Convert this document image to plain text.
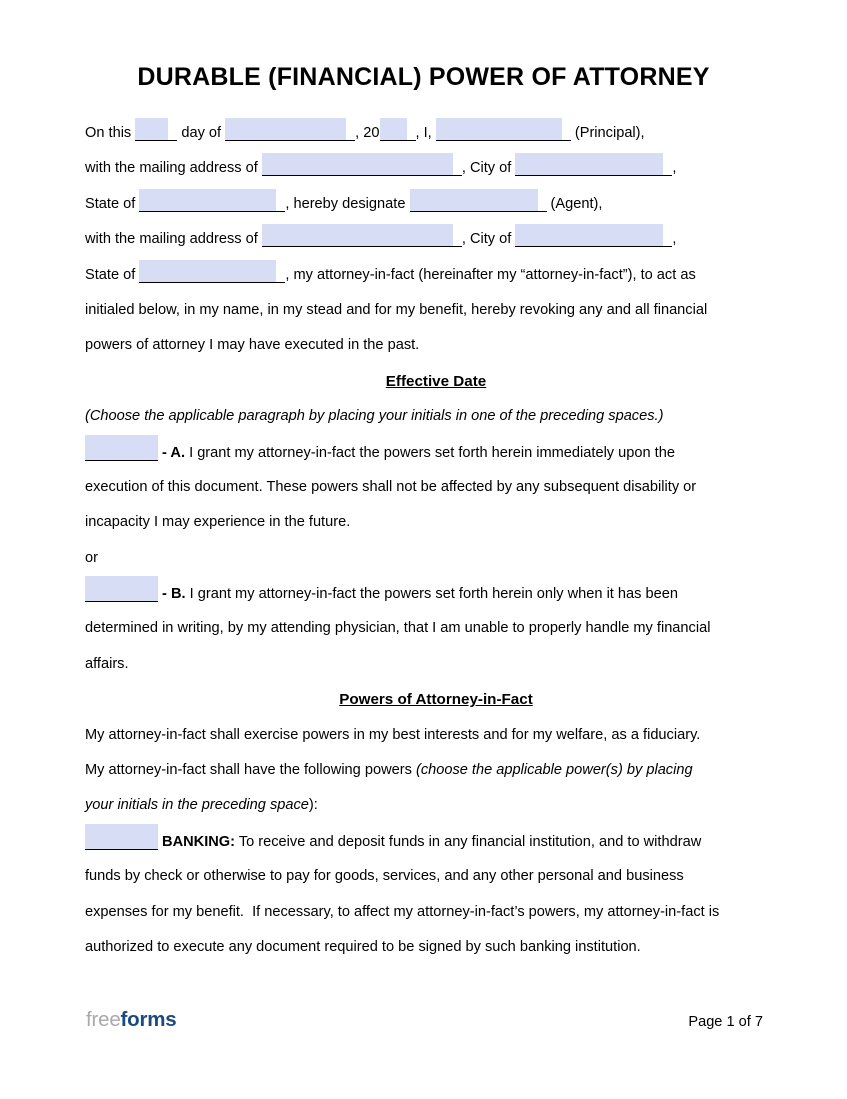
DURABLE (FINANCIAL) POWER OF ATTORNEY
On this	day of	, 20 , I,	(Principal),
with the mailing address of	, City of	,
State of	, hereby designate	(Agent),
with the mailing address of	, City of	,
State of	, my attorney-in-fact (hereinafter my “attorney-in-fact”), to act as
initialed below, in my name, in my stead and for my benefit, hereby revoking any and all financial
powers of attorney I may have executed in the past.
Effective Date
(Choose the applicable paragraph by placing your initials in one of the preceding spaces.)
- A. I grant my attorney-in-fact the powers set forth herein immediately upon the
execution of this document. These powers shall not be affected by any subsequent disability or
incapacity I may experience in the future.
or
- B. I grant my attorney-in-fact the powers set forth herein only when it has been
determined in writing, by my attending physician, that I am unable to properly handle my financial
affairs.
Powers of Attorney-in-Fact
My attorney-in-fact shall exercise powers in my best interests and for my welfare, as a fiduciary.
My attorney-in-fact shall have the following powers (choose the applicable power(s) by placing
your initials in the preceding space):
BANKING: To receive and deposit funds in any financial institution, and to withdraw
funds by check or otherwise to pay for goods, services, and any other personal and business
expenses for my benefit.  If necessary, to affect my attorney-in-fact’s powers, my attorney-in-fact is
authorized to execute any document required to be signed by such banking institution.
freeforms	Page 1 of 7
